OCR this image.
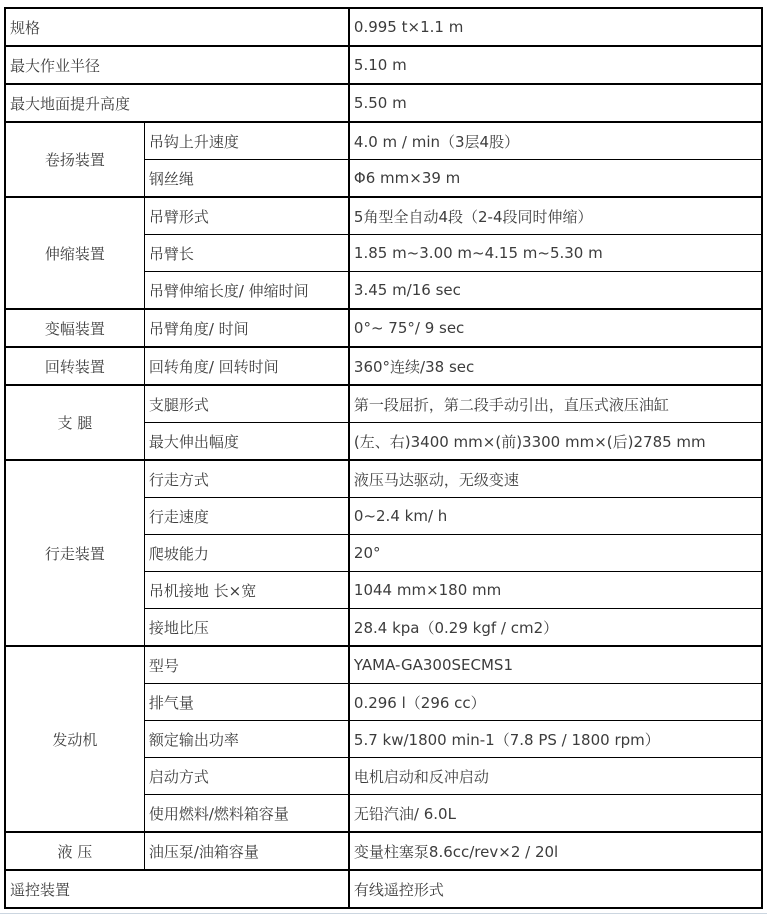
规格		0.995 t×1.1 m
最大作业半径		5.10 m
最大地面提升高度		5.50 m
卷扬装置	吊钩上升速度	4.0 m / min（3层4股）
	钢丝绳	Φ6 mm×39 m
伸缩装置	吊臂形式	5角型全自动4段（2-4段同时伸缩）
	吊臂长	1.85 m~3.00 m~4.15 m~5.30 m
	吊臂伸缩长度/ 伸缩时间	3.45 m/16 sec
变幅装置	吊臂角度/ 时间	0°~ 75°/ 9 sec
回转装置	回转角度/ 回转时间	360°连续/38 sec
支 腿	支腿形式	第一段屈折，第二段手动引出，直压式液压油缸
	最大伸出幅度	(左、右)3400 mm×(前)3300 mm×(后)2785 mm
行走装置	行走方式	液压马达驱动，无级变速
	行走速度	0~2.4 km/ h
	爬坡能力	20°
	吊机接地 长×宽	1044 mm×180 mm
	接地比压	28.4 kpa（0.29 kgf / cm2）
发动机	型号	YAMA-GA300SECMS1
	排气量	0.296 l（296 cc）
	额定输出功率	5.7 kw/1800 min-1（7.8 PS / 1800 rpm）
	启动方式	电机启动和反冲启动
	使用燃料/燃料箱容量	无铅汽油/ 6.0L
液 压	油压泵/油箱容量	变量柱塞泵8.6cc/rev×2 / 20l
遥控装置		有线遥控形式
